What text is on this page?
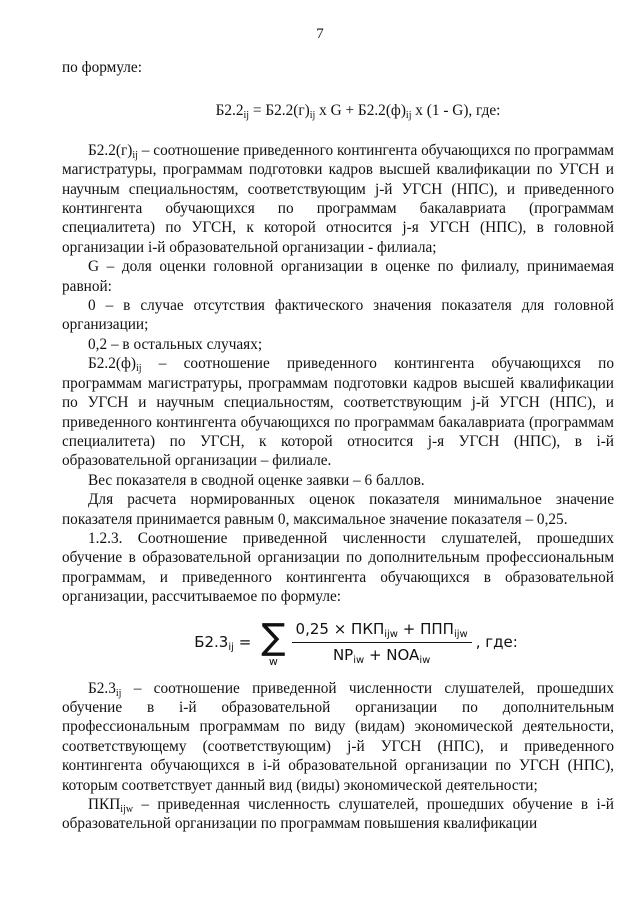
7

по формуле:

$Б2.2_{ij} = Б2.2(г)_{ij}$ x $G + Б2.2(ф)_{ij}$ x (1 - G), где:

$Б2.2(г)_{ij}$ – соотношение приведенного контингента обучающихся по программам магистратуры, программам подготовки кадров высшей квалификации по УГСН и научным специальностям, соответствующим j-й УГСН (НПС), и приведенного контингента обучающихся по программам бакалавриата (программам специалитета) по УГСН, к которой относится j-я УГСН (НПС), в головной организации i-й образовательной организации - филиала;

G – доля оценки головной организации в оценке по филиалу, принимаемая равной:

0 – в случае отсутствия фактического значения показателя для головной организации;

0,2 – в остальных случаях;

$Б2.2(ф)_{ij}$ – соотношение приведенного контингента обучающихся по программам магистратуры, программам подготовки кадров высшей квалификации по УГСН и научным специальностям, соответствующим j-й УГСН (НПС), и приведенного контингента обучающихся по программам бакалавриата (программам специалитета) по УГСН, к которой относится j-я УГСН (НПС), в i-й образовательной организации – филиале.

Вес показателя в сводной оценке заявки – 6 баллов.

Для расчета нормированных оценок показателя минимальное значение показателя принимается равным 0, максимальное значение показателя – 0,25.

1.2.3. Соотношение приведенной численности слушателей, прошедших обучение в образовательной организации по дополнительным профессиональным программам, и приведенного контингента обучающихся в образовательной организации, рассчитываемое по формуле:

$Б2.3_{ij}$ = ∑
w $\frac{0,25 \times ПКП_{ijw} + ППП_{ijw}}{NP_{iw} + NOA_{iw}}$ , где:

$Б2.3_{ij}$ – соотношение приведенной численности слушателей, прошедших обучение в i-й образовательной организации по дополнительным профессиональным программам по виду (видам) экономической деятельности, соответствующему (соответствующим) j-й УГСН (НПС), и приведенного контингента обучающихся в i-й образовательной организации по УГСН (НПС), которым соответствует данный вид (виды) экономической деятельности;

$ПКП_{ijw}$ – приведенная численность слушателей, прошедших обучение в i-й образовательной организации по программам повышения квалификации
